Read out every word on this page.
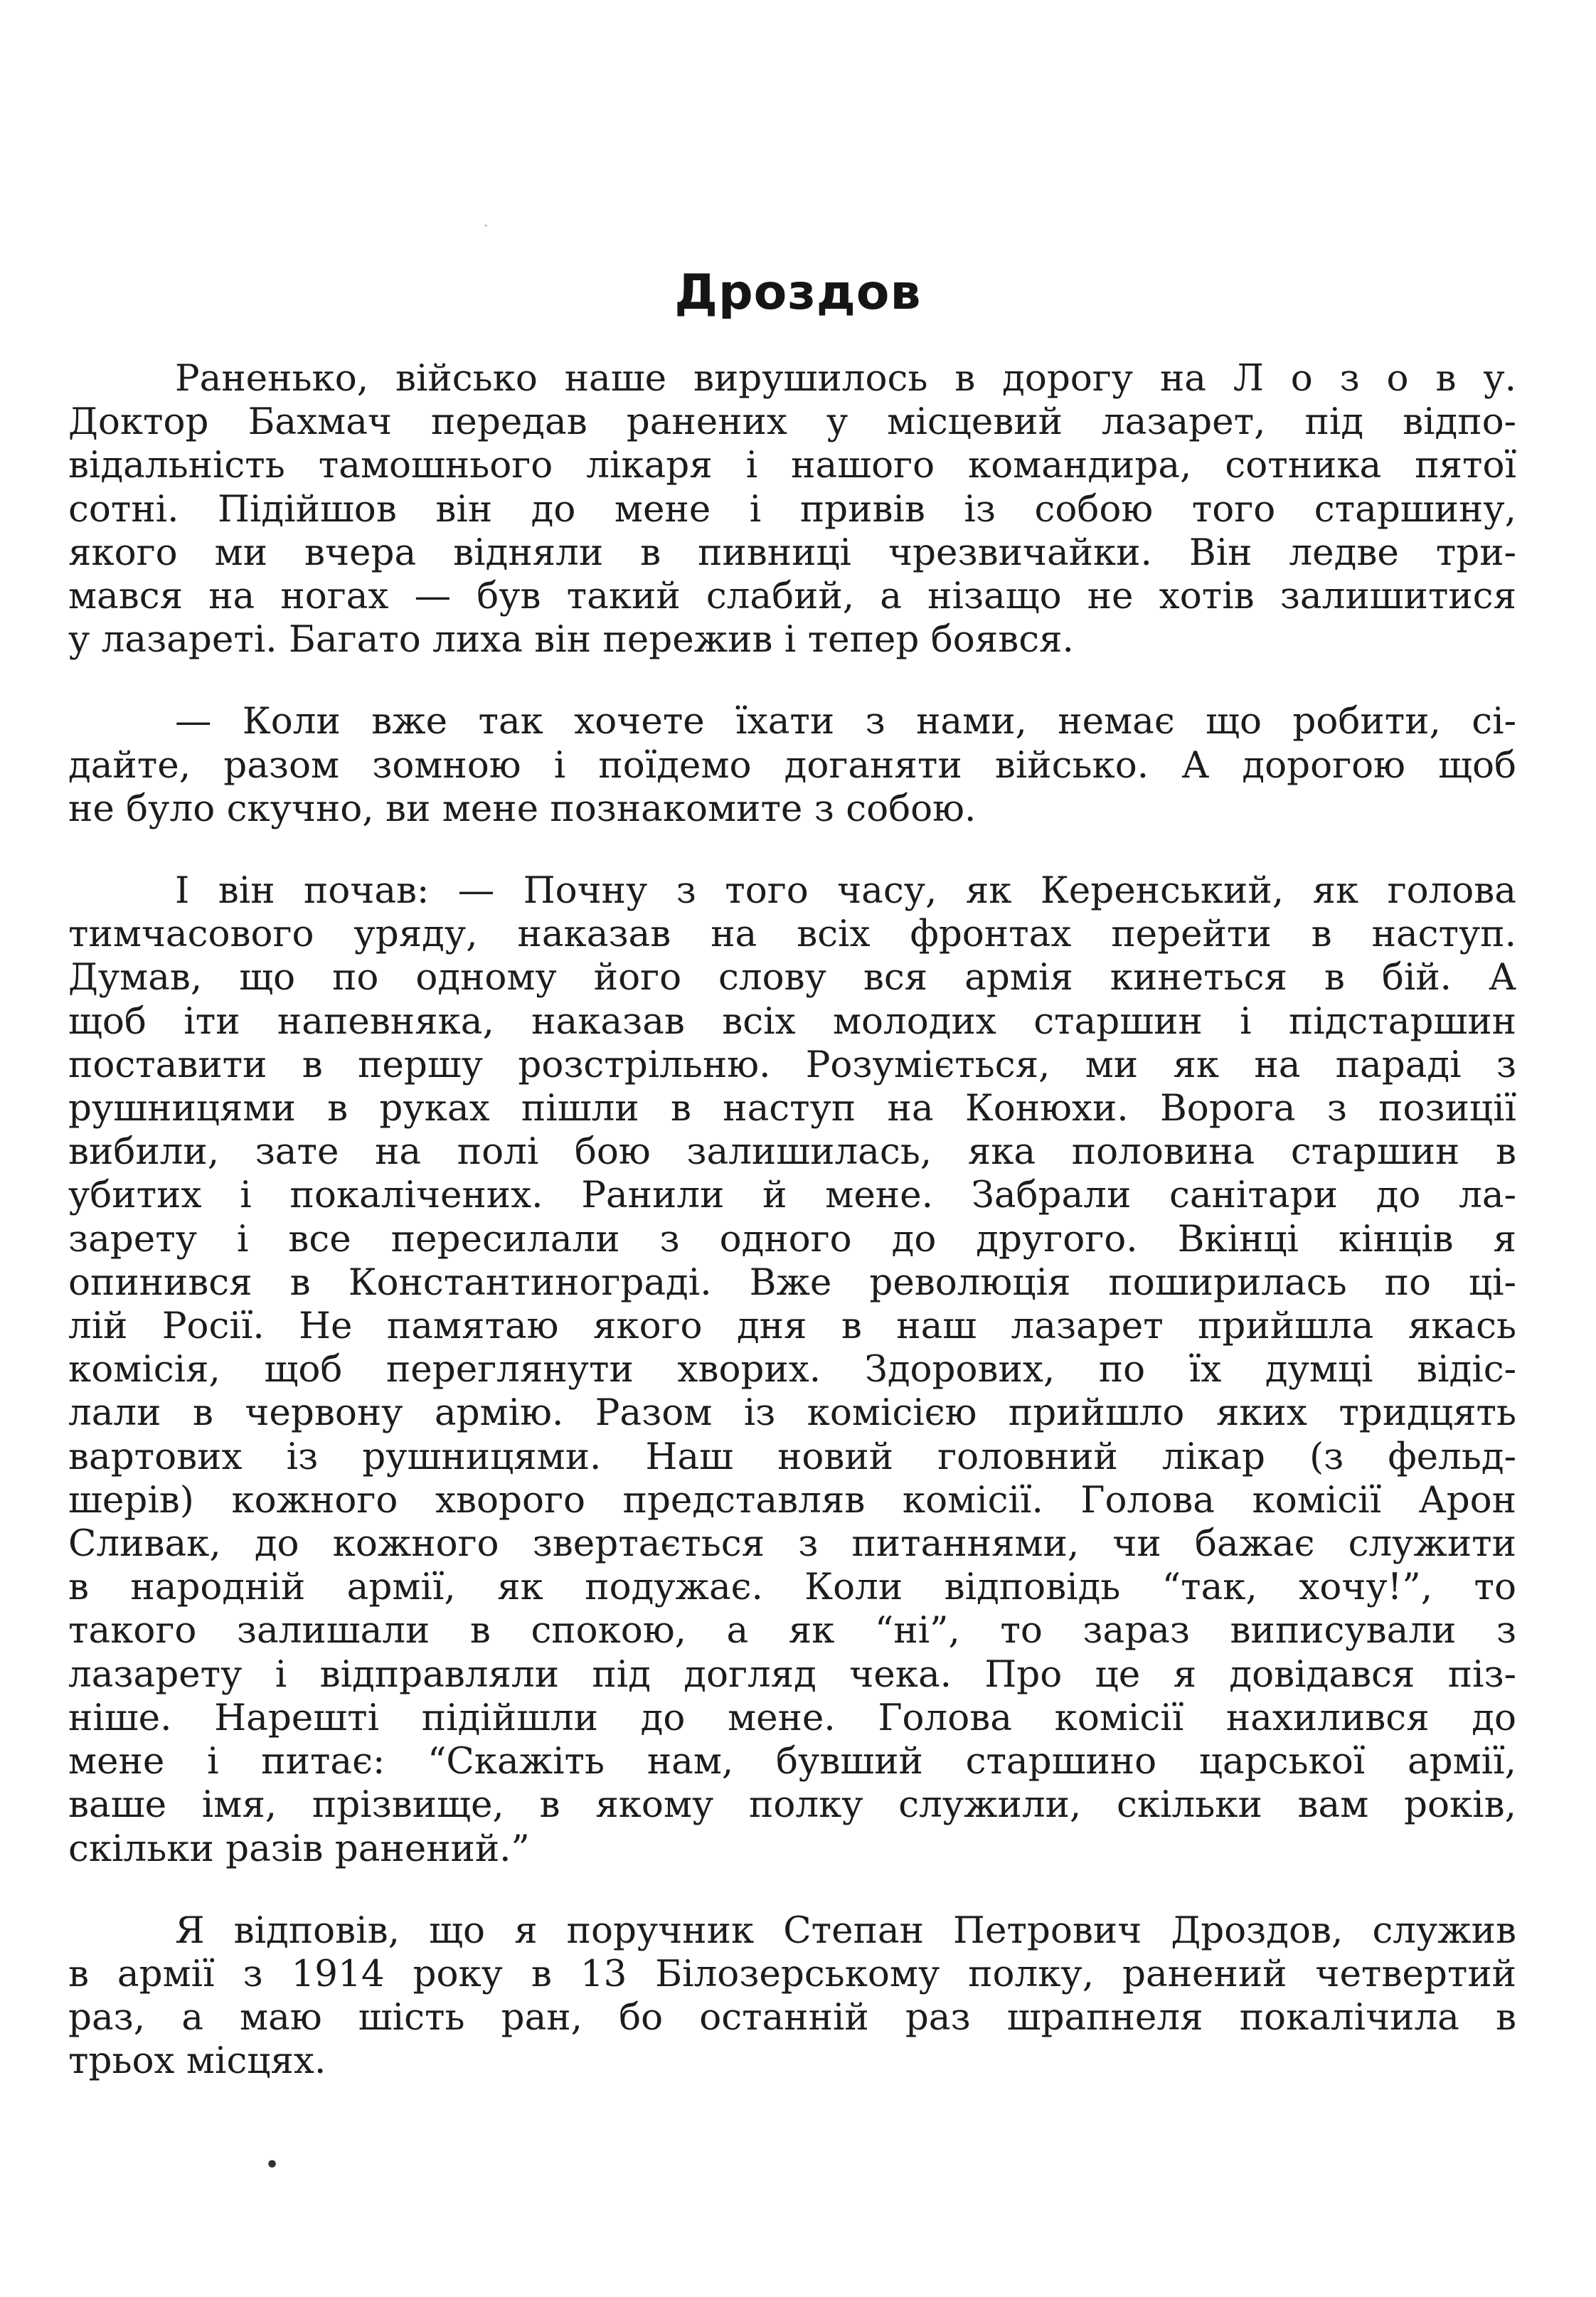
Дроздов
Раненько, військо наше вирушилось в дорогу на Л о з о в у.
Доктор Бахмач передав ранених у місцевий лазарет, під відпо-
відальність тамошнього лікаря і нашого командира, сотника пятої
сотні. Підійшов він до мене і привів із собою того старшину,
якого ми вчера відняли в пивниці чрезвичайки. Він ледве три-
мався на ногах — був такий слабий, а нізащо не хотів залишитися
у лазареті. Багато лиха він пережив і тепер боявся.
— Коли вже так хочете їхати з нами, немає що робити, сі-
дайте, разом зомною і поїдемо доганяти військо. А дорогою щоб
не було скучно, ви мене познакомите з собою.
І він почав: — Почну з того часу, як Керенський, як голова
тимчасового уряду, наказав на всіх фронтах перейти в наступ.
Думав, що по одному його слову вся армія кинеться в бій. А
щоб іти напевняка, наказав всіх молодих старшин і підстаршин
поставити в першу розстрільню. Розуміється, ми як на параді з
рушницями в руках пішли в наступ на Конюхи. Ворога з позиції
вибили, зате на полі бою залишилась, яка половина старшин в
убитих і покалічених. Ранили й мене. Забрали санітари до ла-
зарету і все пересилали з одного до другого. Вкінці кінців я
опинився в Константинограді. Вже революція поширилась по ці-
лій Росії. Не памятаю якого дня в наш лазарет прийшла якась
комісія, щоб переглянути хворих. Здорових, по їх думці відіс-
лали в червону армію. Разом із комісією прийшло яких тридцять
вартових із рушницями. Наш новий головний лікар (з фельд-
шерів) кожного хворого представляв комісії. Голова комісії Арон
Сливак, до кожного звертається з питаннями, чи бажає служити
в народній армії, як подужає. Коли відповідь “так, хочу!”, то
такого залишали в спокою, а як “ні”, то зараз виписували з
лазарету і відправляли під догляд чека. Про це я довідався піз-
ніше. Нарешті підійшли до мене. Голова комісії нахилився до
мене і питає: “Скажіть нам, бувший старшино царської армії,
ваше імя, прізвище, в якому полку служили, скільки вам років,
скільки разів ранений.”
Я відповів, що я поручник Степан Петрович Дроздов, служив
в армії з 1914 року в 13 Білозерському полку, ранений четвертий
раз, а маю шість ран, бо останній раз шрапнеля покалічила в
трьох місцях.
•
